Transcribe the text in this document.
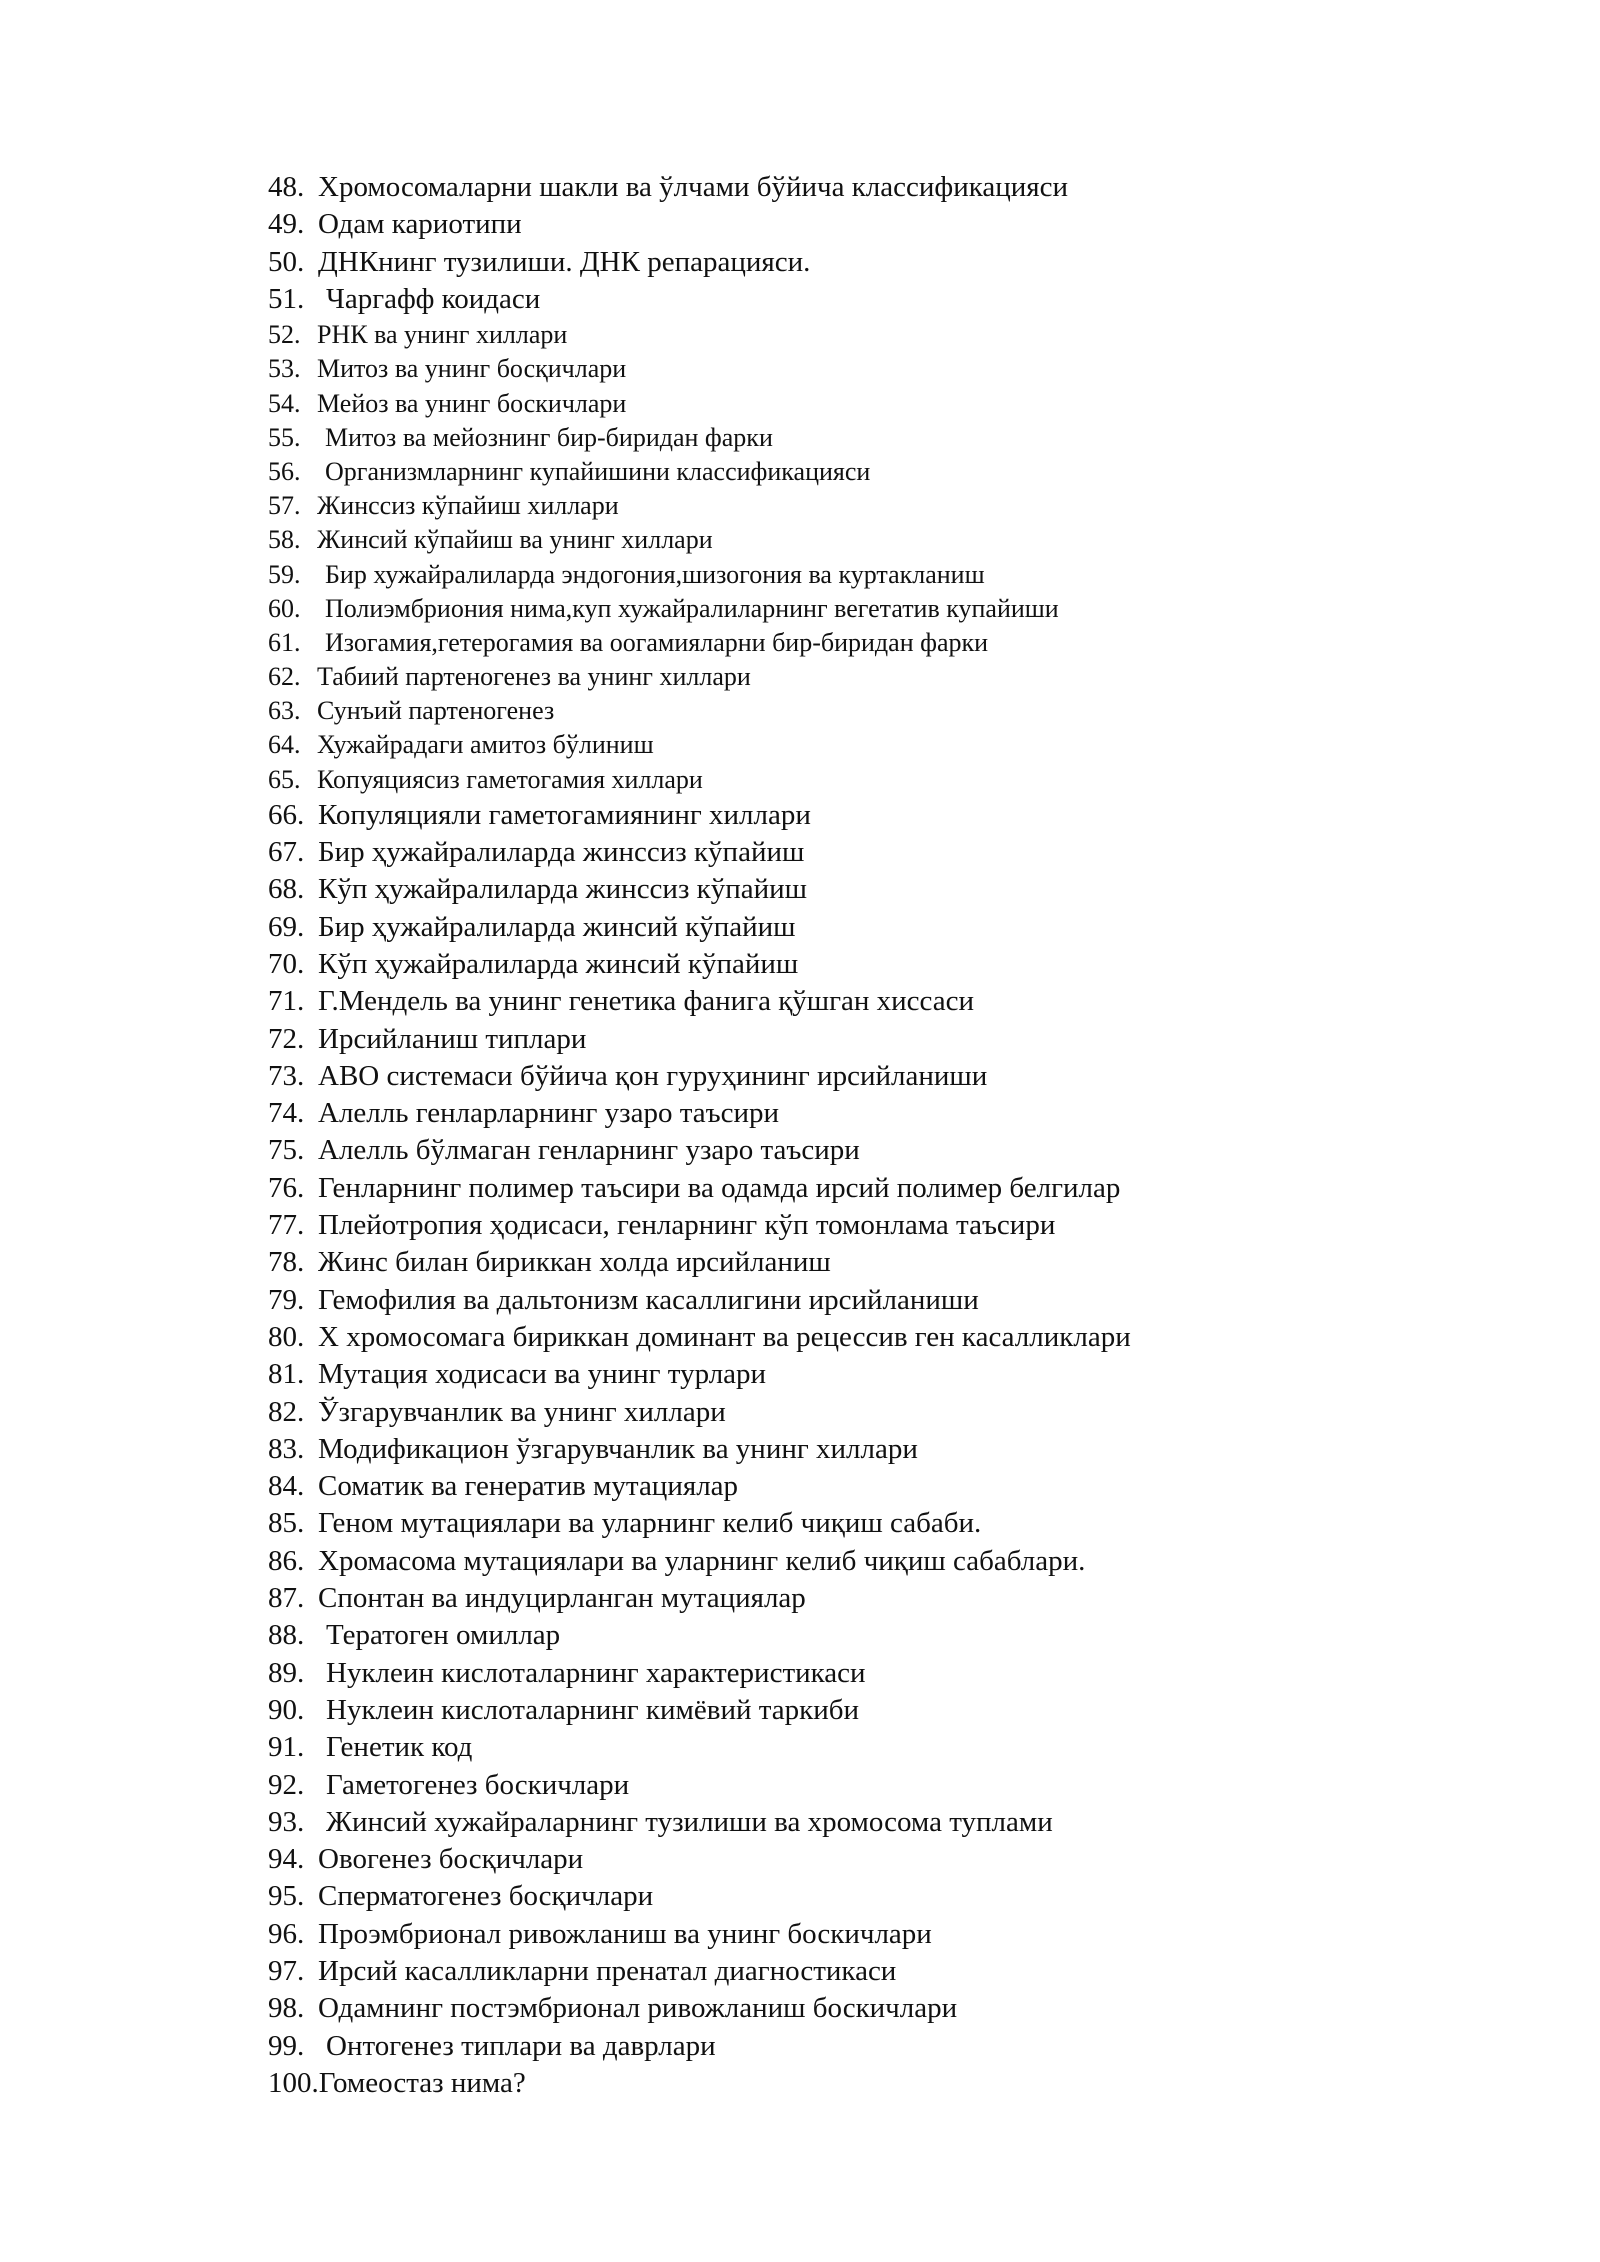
48. Хромосомаларни шакли ва ўлчами бўйича классификацияси
49. Одам кариотипи
50. ДНКнинг тузилиши. ДНК репарацияси.
51. Чаргафф коидаси
52. РНК ва унинг хиллари
53. Митоз ва унинг босқичлари
54. Мейоз ва унинг боскичлари
55. Митоз ва мейознинг бир-биридан фарки
56. Организмларнинг купайишини классификацияси
57. Жинссиз кўпайиш хиллари
58. Жинсий кўпайиш ва унинг хиллари
59. Бир хужайралиларда эндогония,шизогония ва куртакланиш
60. Полиэмбриония нима,куп хужайралиларнинг вегетатив купайиши
61. Изогамия,гетерогамия ва оогамияларни бир-биридан фарки
62. Табиий партеногенез ва унинг хиллари
63. Сунъий партеногенез
64. Хужайрадаги амитоз бўлиниш
65. Копуяциясиз гаметогамия хиллари
66. Копуляцияли гаметогамиянинг хиллари
67. Бир ҳужайралиларда жинссиз кўпайиш
68. Кўп ҳужайралиларда жинссиз кўпайиш
69. Бир ҳужайралиларда жинсий кўпайиш
70. Кўп ҳужайралиларда жинсий кўпайиш
71. Г.Мендель ва унинг генетика фанига қўшган хиссаси
72. Ирсийланиш типлари
73. АВО системаси бўйича қон гуруҳининг ирсийланиши
74. Алелль генларларнинг узаро таъсири
75. Алелль бўлмаган генларнинг узаро таъсири
76. Генларнинг полимер таъсири ва одамда ирсий полимер белгилар
77. Плейотропия ҳодисаси, генларнинг кўп томонлама таъсири
78. Жинс билан бириккан холда ирсийланиш
79. Гемофилия ва дальтонизм касаллигини ирсийланиши
80. Х хромосомага бириккан доминант ва рецессив ген касалликлари
81. Мутация ходисаси ва унинг турлари
82. Ўзгарувчанлик ва унинг хиллари
83. Модификацион ўзгарувчанлик ва унинг хиллари
84. Соматик ва генератив мутациялар
85. Геном мутациялари ва уларнинг келиб чиқиш сабаби.
86. Хромасома мутациялари ва уларнинг келиб чиқиш сабаблари.
87. Спонтан ва индуцирланган мутациялар
88. Тератоген омиллар
89. Нуклеин кислоталарнинг характеристикаси
90. Нуклеин кислоталарнинг кимёвий таркиби
91. Генетик код
92. Гаметогенез боскичлари
93. Жинсий хужайраларнинг тузилиши ва хромосома туплами
94. Овогенез босқичлари
95. Сперматогенез босқичлари
96. Проэмбрионал ривожланиш ва унинг боскичлари
97. Ирсий касалликларни пренатал диагностикаси
98. Одамнинг постэмбрионал ривожланиш боскичлари
99. Онтогенез типлари ва даврлари
100. Гомеостаз нима?
